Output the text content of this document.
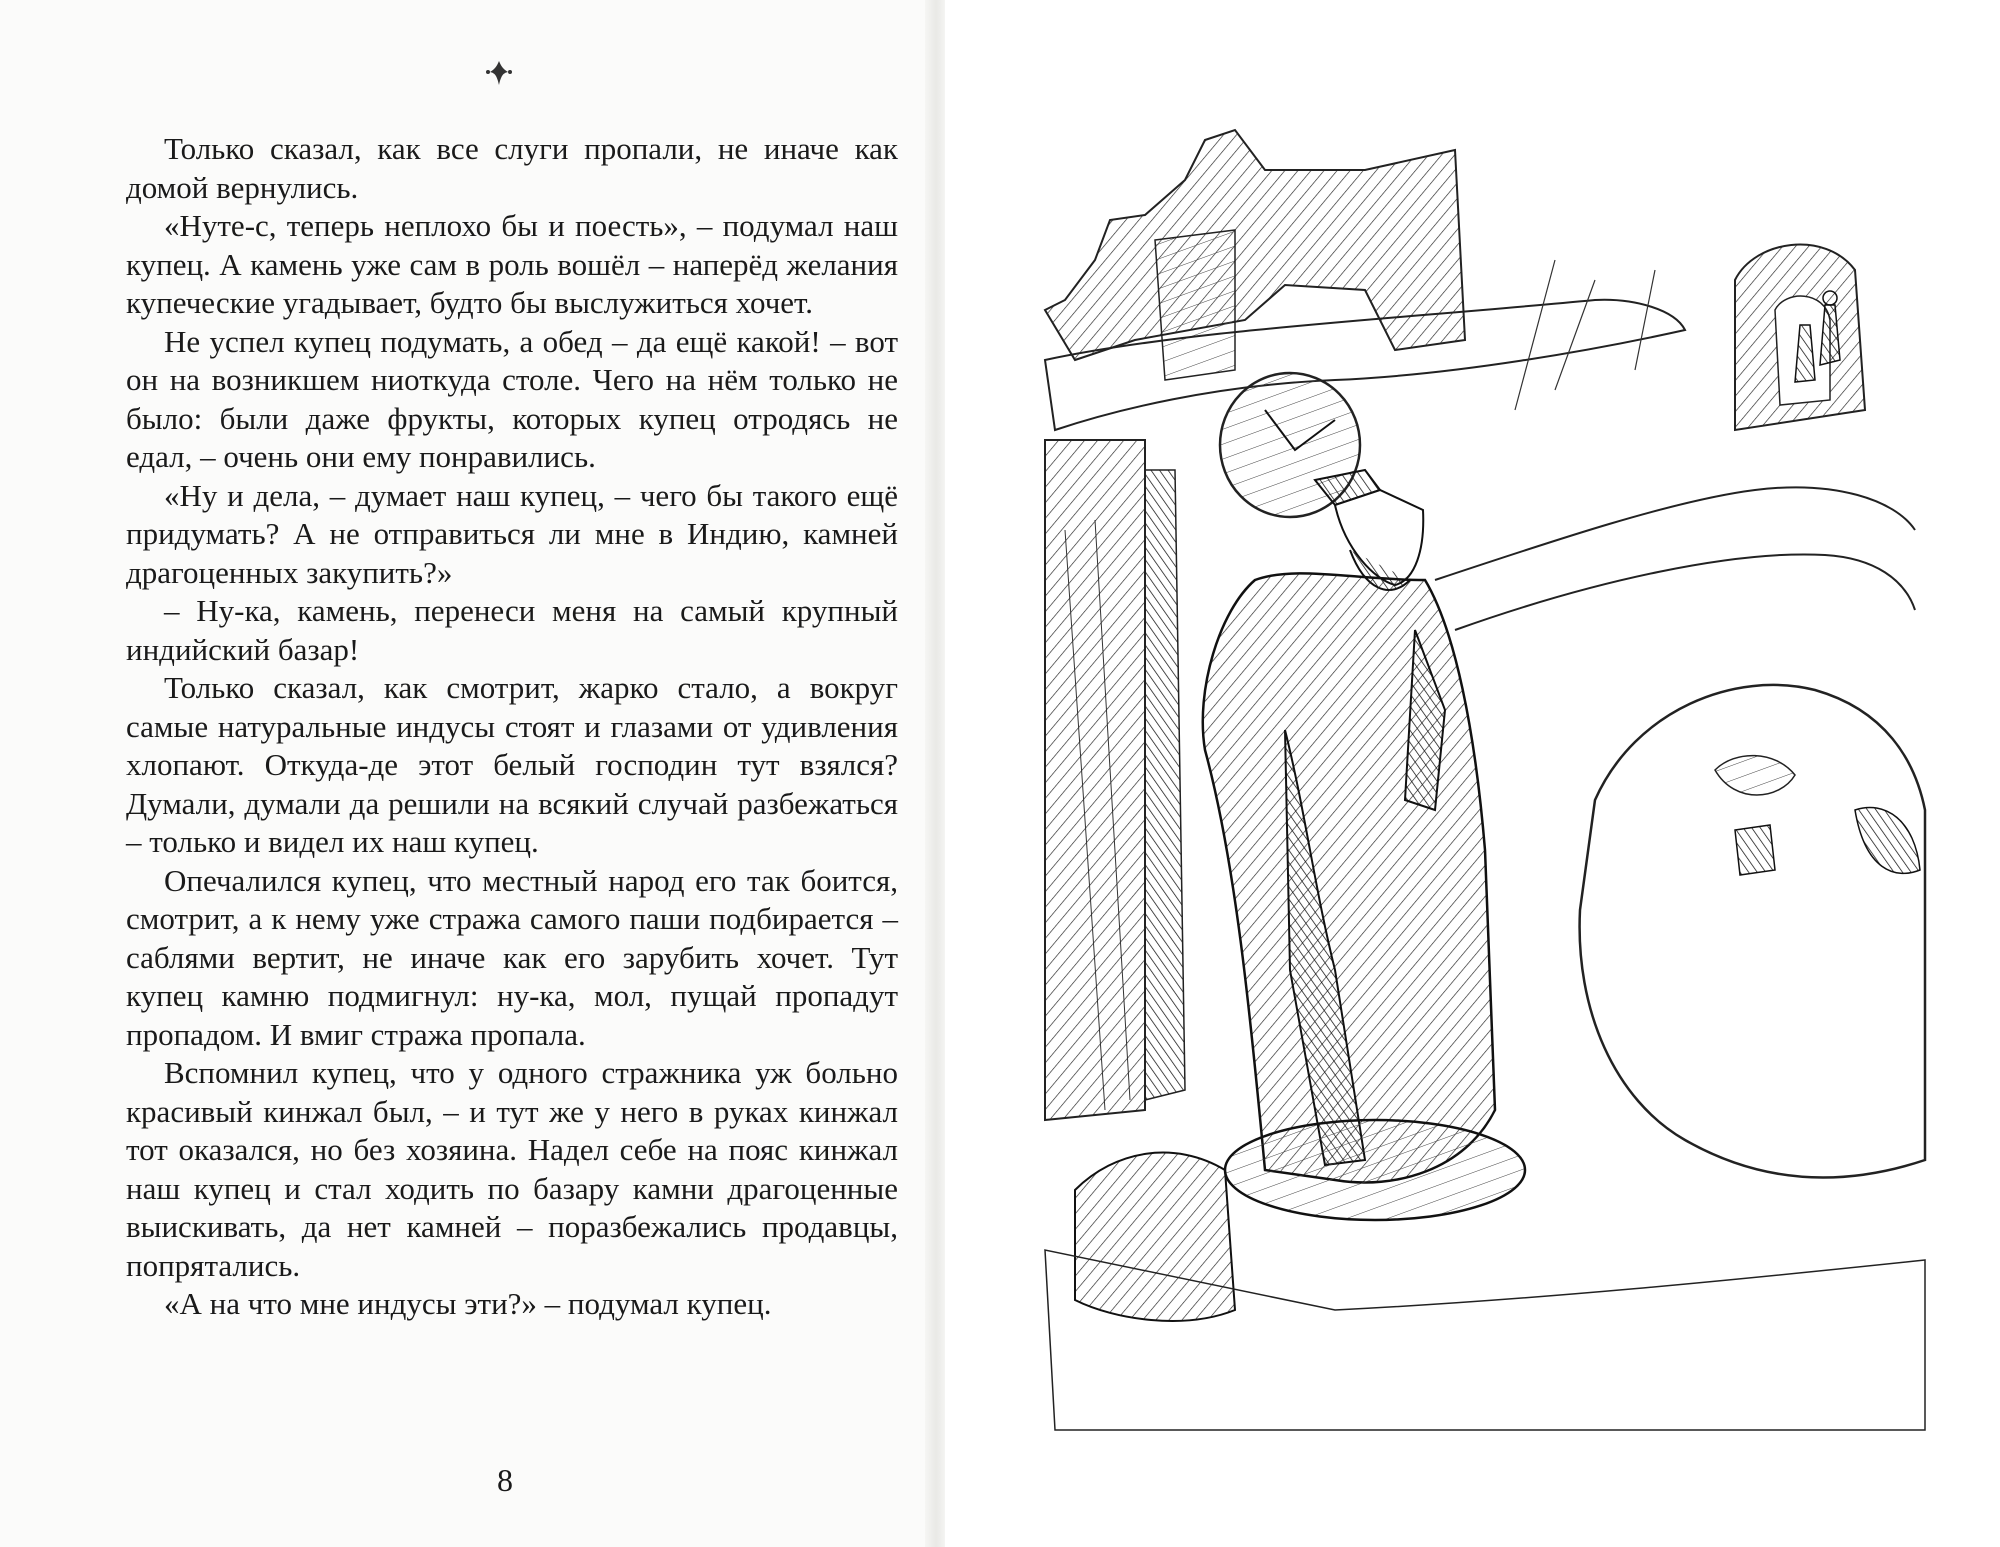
Только сказал, как все слуги пропали, не иначе как домой вернулись.

«Нуте-с, теперь неплохо бы и поесть», – подумал наш купец. А камень уже сам в роль вошёл – наперёд желания купеческие угадывает, будто бы выслужиться хочет.

Не успел купец подумать, а обед – да ещё какой! – вот он на возникшем ниоткуда столе. Чего на нём только не было: были даже фрукты, которых купец отродясь не едал, – очень они ему понравились.

«Ну и дела, – думает наш купец, – чего бы такого ещё придумать? А не отправиться ли мне в Индию, камней драгоценных закупить?»

– Ну-ка, камень, перенеси меня на самый крупный индийский базар!

Только сказал, как смотрит, жарко стало, а вокруг самые натуральные индусы стоят и глазами от удивления хлопают. Откуда-де этот белый господин тут взялся? Думали, думали да решили на всякий случай разбежаться – только и видел их наш купец.

Опечалился купец, что местный народ его так боится, смотрит, а к нему уже стража самого паши подбирается – саблями вертит, не иначе как его зарубить хочет. Тут купец камню подмигнул: ну-ка, мол, пущай пропадут пропадом. И вмиг стража пропала.

Вспомнил купец, что у одного стражника уж больно красивый кинжал был, – и тут же у него в руках кинжал тот оказался, но без хозяина. Надел себе на пояс кинжал наш купец и стал ходить по базару камни драгоценные выискивать, да нет камней – поразбежались продавцы, попрятались.

«А на что мне индусы эти?» – подумал купец.

8
